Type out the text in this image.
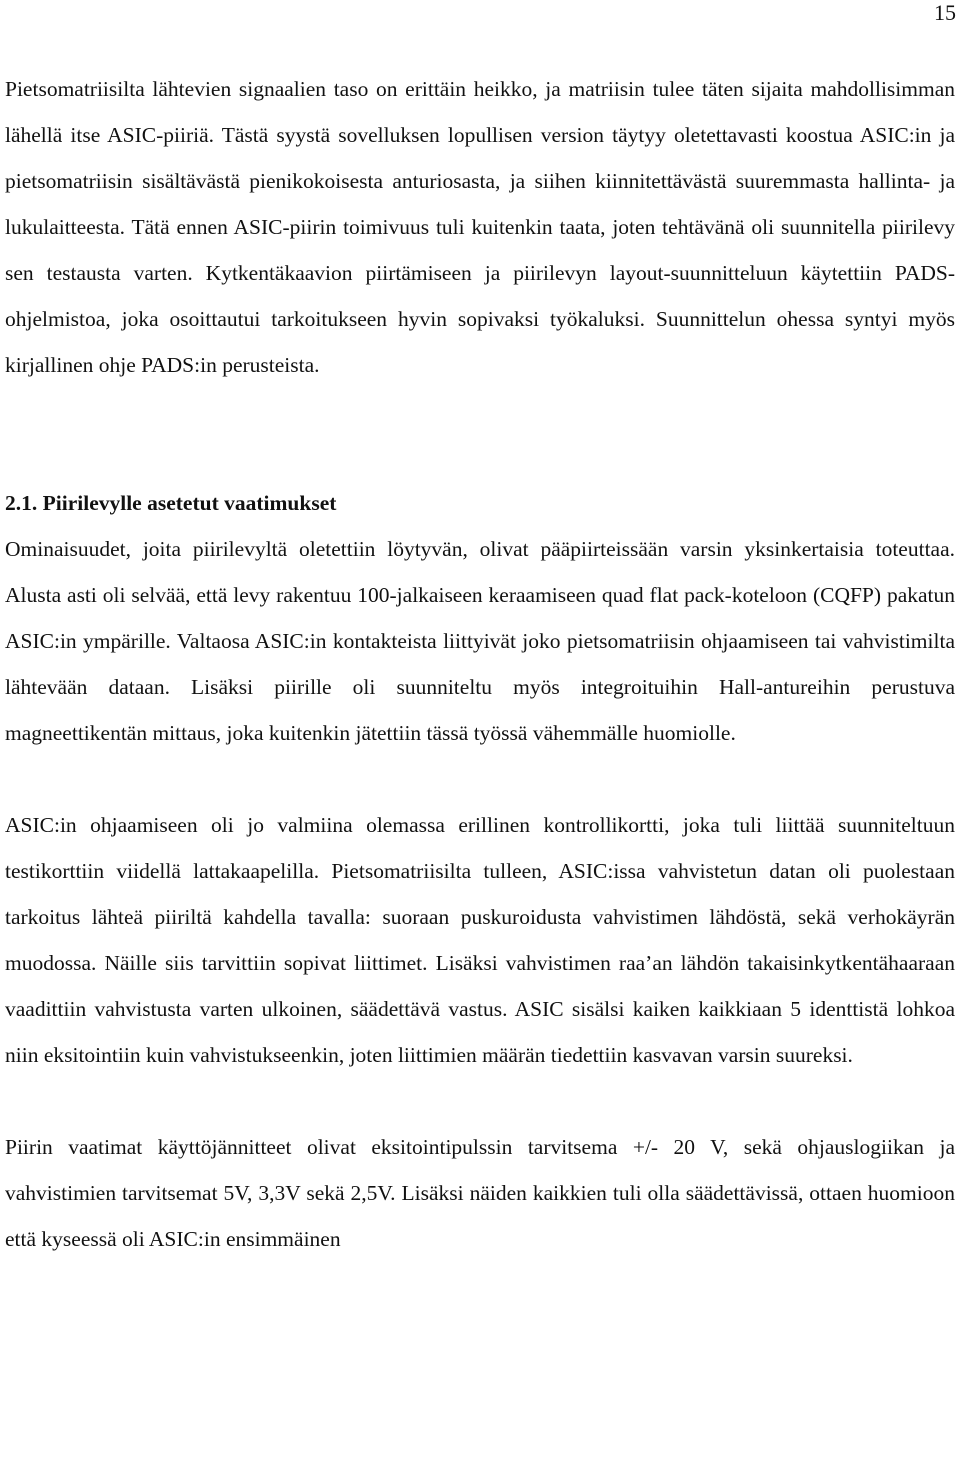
15

Pietsomatriisilta lähtevien signaalien taso on erittäin heikko, ja matriisin tulee täten sijaita mahdollisimman lähellä itse ASIC-piiriä. Tästä syystä sovelluksen lopullisen version täytyy oletettavasti koostua ASIC:in ja pietsomatriisin sisältävästä pienikokoisesta anturiosasta, ja siihen kiinnitettävästä suuremmasta hallinta- ja lukulaitteesta. Tätä ennen ASIC-piirin toimivuus tuli kuitenkin taata, joten tehtävänä oli suunnitella piirilevy sen testausta varten. Kytkentäkaavion piirtämiseen ja piirilevyn layout-suunnitteluun käytettiin PADS-ohjelmistoa, joka osoittautui tarkoitukseen hyvin sopivaksi työkaluksi. Suunnittelun ohessa syntyi myös kirjallinen ohje PADS:in perusteista.

2.1. Piirilevylle asetetut vaatimukset

Ominaisuudet, joita piirilevyltä oletettiin löytyvän, olivat pääpiirteissään varsin yksinkertaisia toteuttaa. Alusta asti oli selvää, että levy rakentuu 100-jalkaiseen keraamiseen quad flat pack-koteloon (CQFP) pakatun ASIC:in ympärille. Valtaosa ASIC:in kontakteista liittyivät joko pietsomatriisin ohjaamiseen tai vahvistimilta lähtevään dataan. Lisäksi piirille oli suunniteltu myös integroituihin Hall-antureihin perustuva magneettikentän mittaus, joka kuitenkin jätettiin tässä työssä vähemmälle huomiolle.

ASIC:in ohjaamiseen oli jo valmiina olemassa erillinen kontrollikortti, joka tuli liittää suunniteltuun testikorttiin viidellä lattakaapelilla. Pietsomatriisilta tulleen, ASIC:issa vahvistetun datan oli puolestaan tarkoitus lähteä piiriltä kahdella tavalla: suoraan puskuroidusta vahvistimen lähdöstä, sekä verhokäyrän muodossa. Näille siis tarvittiin sopivat liittimet. Lisäksi vahvistimen raa’an lähdön takaisinkytkentähaaraan vaadittiin vahvistusta varten ulkoinen, säädettävä vastus. ASIC sisälsi kaiken kaikkiaan 5 identtistä lohkoa niin eksitointiin kuin vahvistukseenkin, joten liittimien määrän tiedettiin kasvavan varsin suureksi.

Piirin vaatimat käyttöjännitteet olivat eksitointipulssin tarvitsema +/- 20 V, sekä ohjauslogiikan ja vahvistimien tarvitsemat 5V, 3,3V sekä 2,5V. Lisäksi näiden kaikkien tuli olla säädettävissä, ottaen huomioon että kyseessä oli ASIC:in ensimmäinen
